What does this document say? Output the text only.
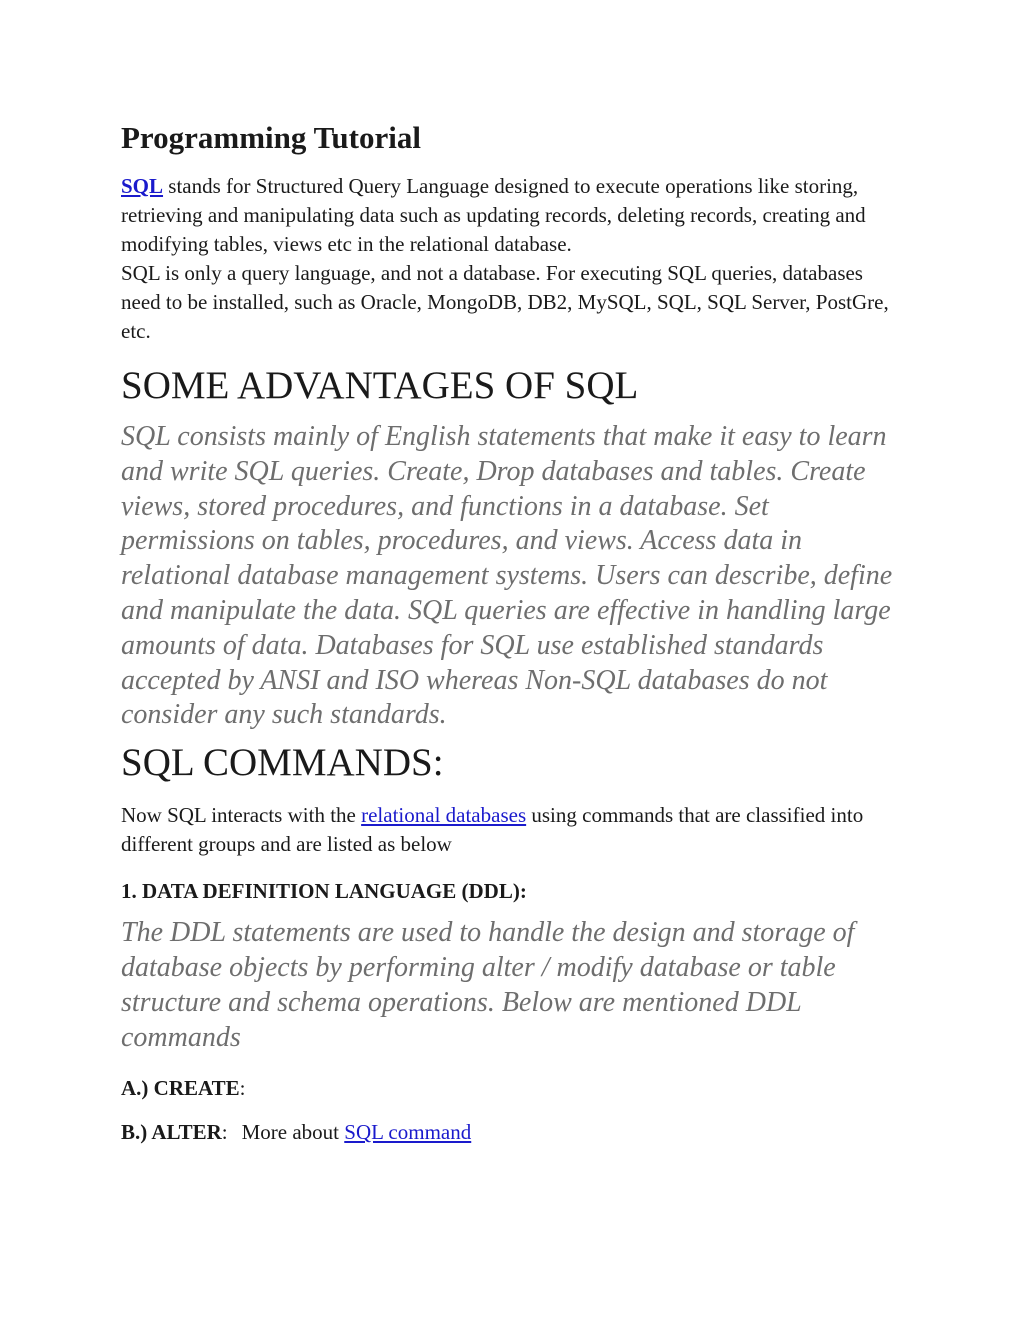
Programming Tutorial

SQL stands for Structured Query Language designed to execute operations like storing, retrieving and manipulating data such as updating records, deleting records, creating and modifying tables, views etc in the relational database.

SQL is only a query language, and not a database. For executing SQL queries, databases need to be installed, such as Oracle, MongoDB, DB2, MySQL, SQL, SQL Server, PostGre, etc.

SOME ADVANTAGES OF SQL

SQL consists mainly of English statements that make it easy to learn and write SQL queries. Create, Drop databases and tables. Create views, stored procedures, and functions in a database. Set permissions on tables, procedures, and views. Access data in relational database management systems. Users can describe, define and manipulate the data. SQL queries are effective in handling large amounts of data. Databases for SQL use established standards accepted by ANSI and ISO whereas Non-SQL databases do not consider any such standards.

SQL COMMANDS:

Now SQL interacts with the relational databases using commands that are classified into different groups and are listed as below

1. DATA DEFINITION LANGUAGE (DDL):

The DDL statements are used to handle the design and storage of database objects by performing alter / modify database or table structure and schema operations. Below are mentioned DDL commands

A.) CREATE:

B.) ALTER: More about SQL command
